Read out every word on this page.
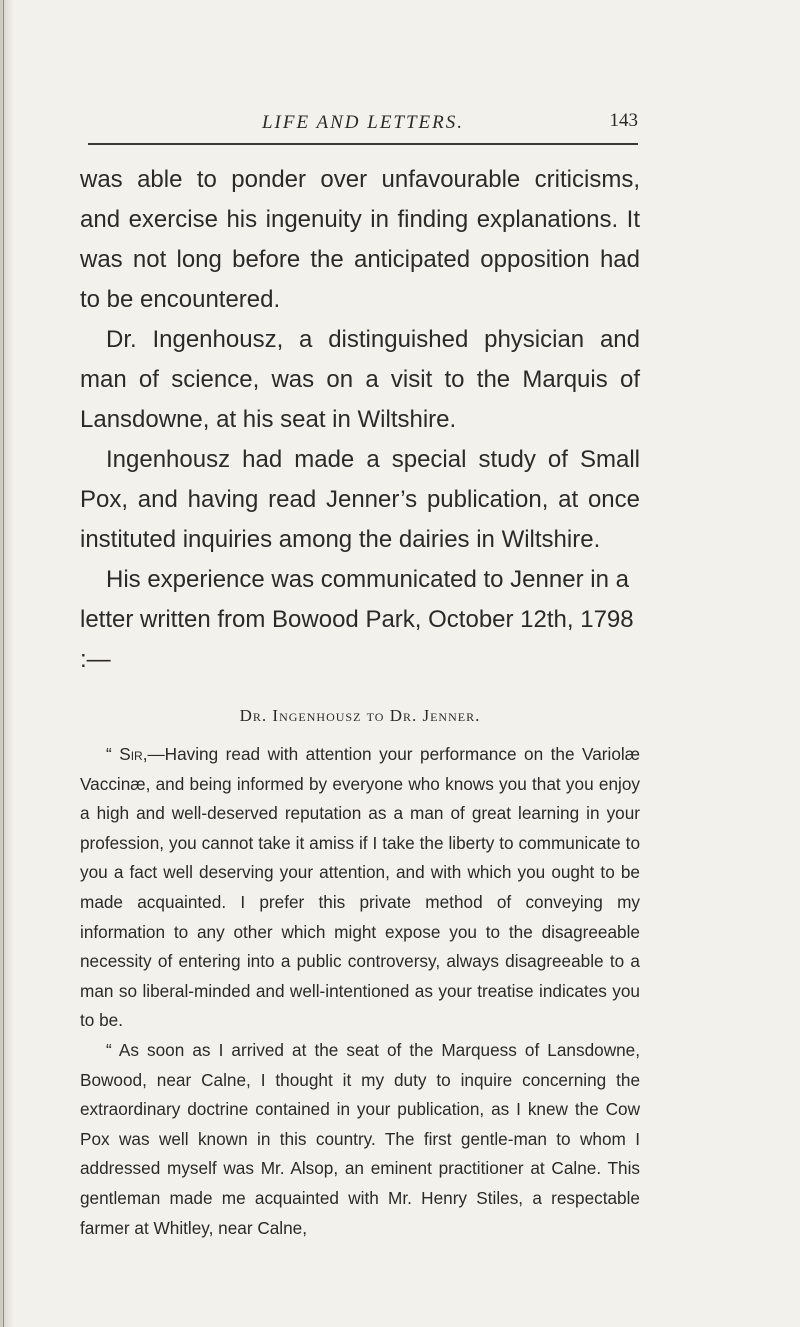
LIFE AND LETTERS.	143

was able to ponder over unfavourable criticisms, and exercise his ingenuity in finding explanations. It was not long before the anticipated opposition had to be encountered.

Dr. Ingenhousz, a distinguished physician and man of science, was on a visit to the Marquis of Lansdowne, at his seat in Wiltshire.

Ingenhousz had made a special study of Small Pox, and having read Jenner’s publication, at once instituted inquiries among the dairies in Wiltshire.

His experience was communicated to Jenner in a letter written from Bowood Park, October 12th, 1798 :—

Dr. Ingenhousz to Dr. Jenner.

“ Sir,—Having read with attention your performance on the Variolæ Vaccinæ, and being informed by everyone who knows you that you enjoy a high and well-deserved reputation as a man of great learning in your profession, you cannot take it amiss if I take the liberty to communicate to you a fact well deserving your attention, and with which you ought to be made acquainted. I prefer this private method of conveying my information to any other which might expose you to the disagreeable necessity of entering into a public controversy, always disagreeable to a man so liberal-minded and well-intentioned as your treatise indicates you to be.

“ As soon as I arrived at the seat of the Marquess of Lansdowne, Bowood, near Calne, I thought it my duty to inquire concerning the extraordinary doctrine contained in your publication, as I knew the Cow Pox was well known in this country. The first gentle-man to whom I addressed myself was Mr. Alsop, an eminent practitioner at Calne. This gentleman made me acquainted with Mr. Henry Stiles, a respectable farmer at Whitley, near Calne,
